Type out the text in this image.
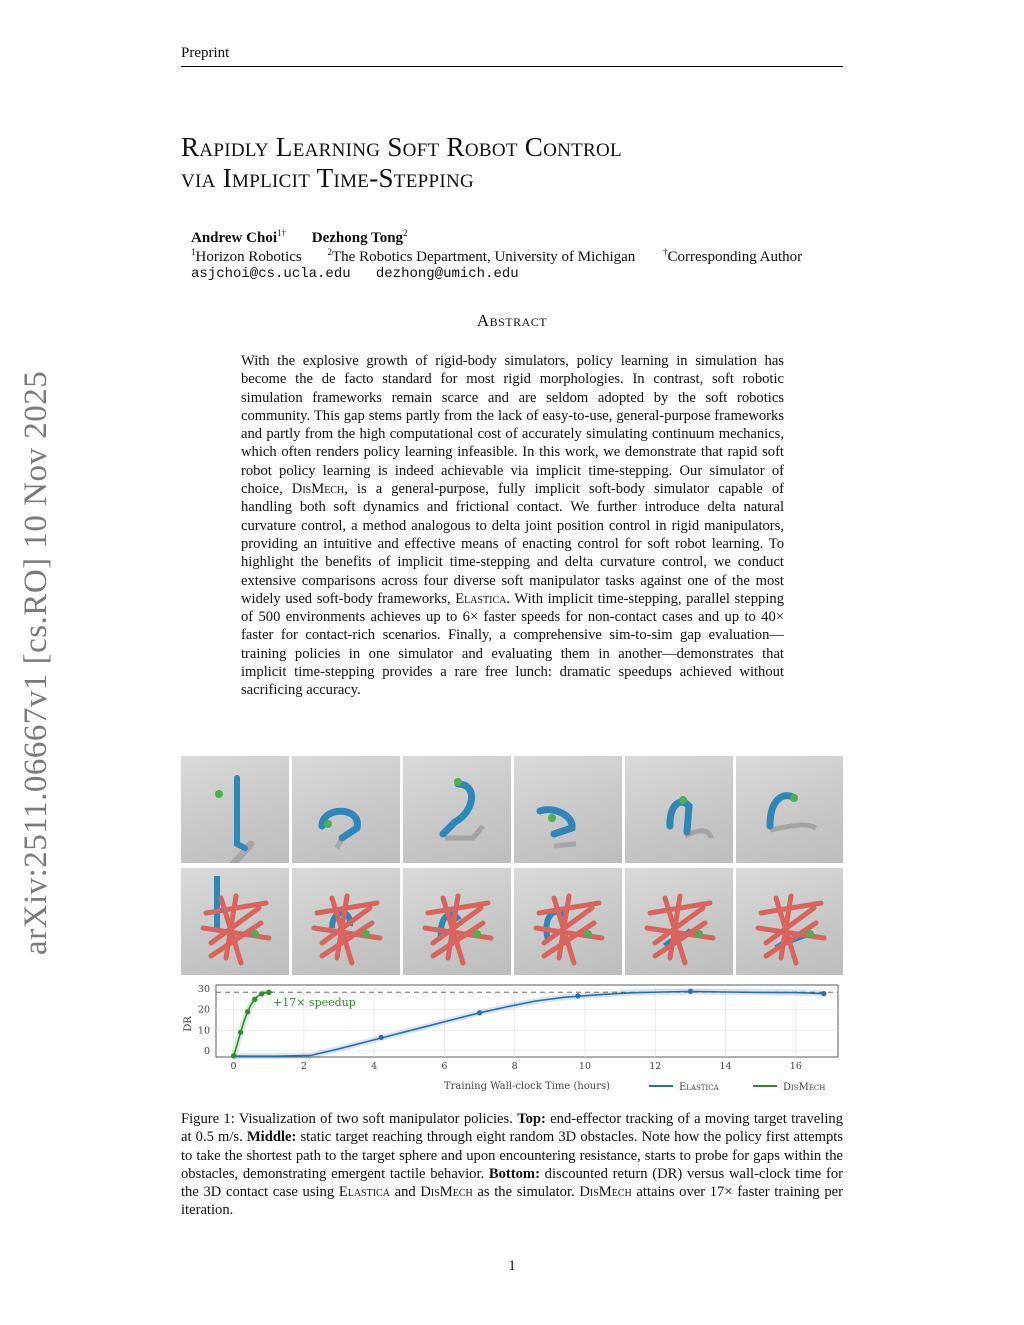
Preprint
Rapidly Learning Soft Robot Control
via Implicit Time-Stepping
Andrew Choi$^{1\dagger}$ Dezhong Tong$^2$
$^1$Horizon Robotics	$^2$The Robotics Department, University of Michigan	†Corresponding Author
asjchoi@cs.ucla.edu dezhong@umich.edu
Abstract
With the explosive growth of rigid-body simulators, policy learning in simulation has become the de facto standard for most rigid morphologies. In contrast, soft robotic simulation frameworks remain scarce and are seldom adopted by the soft robotics community. This gap stems partly from the lack of easy-to-use, general-purpose frameworks and partly from the high computational cost of accurately simulating continuum mechanics, which often renders policy learning infeasible. In this work, we demonstrate that rapid soft robot policy learning is indeed achievable via implicit time-stepping. Our simulator of choice, DisMech, is a general-purpose, fully implicit soft-body simulator capable of handling both soft dynamics and frictional contact. We further introduce delta natural curvature control, a method analogous to delta joint position control in rigid manipulators, providing an intuitive and effective means of enacting control for soft robot learning. To highlight the benefits of implicit time-stepping and delta curvature control, we conduct extensive comparisons across four diverse soft manipulator tasks against one of the most widely used soft-body frameworks, Elastica. With implicit time-stepping, parallel stepping of 500 environments achieves up to 6× faster speeds for non-contact cases and up to 40× faster for contact-rich scenarios. Finally, a comprehensive sim-to-sim gap evaluation—training policies in one simulator and evaluating them in another—demonstrates that implicit time-stepping provides a rare free lunch: dramatic speedups achieved without sacrificing accuracy.
arXiv:2511.06667v1 [cs.RO] 10 Nov 2025
0
10
20
30
0	2	4	6	8	10	12	14	16
+17× speedup
DR
Training Wall-clock Time (hours)	Elastica	DisMech
Figure 1: Visualization of two soft manipulator policies. Top: end-effector tracking of a moving target traveling at 0.5 m/s. Middle: static target reaching through eight random 3D obstacles. Note how the policy first attempts to take the shortest path to the target sphere and upon encountering resistance, starts to probe for gaps within the obstacles, demonstrating emergent tactile behavior. Bottom: discounted return (DR) versus wall-clock time for the 3D contact case using Elastica and DisMech as the simulator. DisMech attains over 17× faster training per iteration.
1
